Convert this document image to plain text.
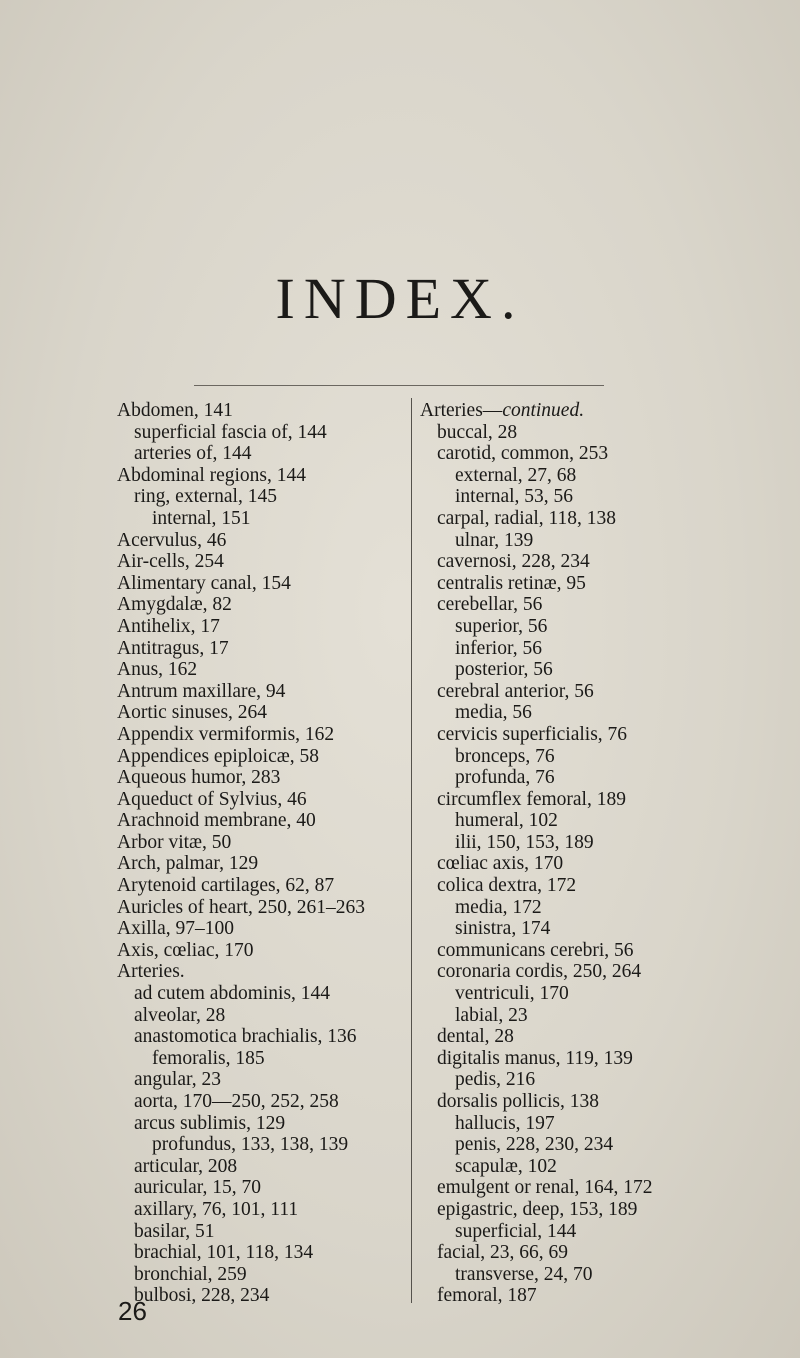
INDEX.
Abdomen, 141
superficial fascia of, 144
arteries of, 144
Abdominal regions, 144
ring, external, 145
internal, 151
Acervulus, 46
Air-cells, 254
Alimentary canal, 154
Amygdalæ, 82
Antihelix, 17
Antitragus, 17
Anus, 162
Antrum maxillare, 94
Aortic sinuses, 264
Appendix vermiformis, 162
Appendices epiploicæ, 58
Aqueous humor, 283
Aqueduct of Sylvius, 46
Arachnoid membrane, 40
Arbor vitæ, 50
Arch, palmar, 129
Arytenoid cartilages, 62, 87
Auricles of heart, 250, 261–263
Axilla, 97–100
Axis, cœliac, 170
Arteries.
ad cutem abdominis, 144
alveolar, 28
anastomotica brachialis, 136
femoralis, 185
angular, 23
aorta, 170—250, 252, 258
arcus sublimis, 129
profundus, 133, 138, 139
articular, 208
auricular, 15, 70
axillary, 76, 101, 111
basilar, 51
brachial, 101, 118, 134
bronchial, 259
bulbosi, 228, 234
Arteries—continued.
buccal, 28
carotid, common, 253
external, 27, 68
internal, 53, 56
carpal, radial, 118, 138
ulnar, 139
cavernosi, 228, 234
centralis retinæ, 95
cerebellar, 56
superior, 56
inferior, 56
posterior, 56
cerebral anterior, 56
media, 56
cervicis superficialis, 76
bronceps, 76
profunda, 76
circumflex femoral, 189
humeral, 102
ilii, 150, 153, 189
cœliac axis, 170
colica dextra, 172
media, 172
sinistra, 174
communicans cerebri, 56
coronaria cordis, 250, 264
ventriculi, 170
labial, 23
dental, 28
digitalis manus, 119, 139
pedis, 216
dorsalis pollicis, 138
hallucis, 197
penis, 228, 230, 234
scapulæ, 102
emulgent or renal, 164, 172
epigastric, deep, 153, 189
superficial, 144
facial, 23, 66, 69
transverse, 24, 70
femoral, 187
26
